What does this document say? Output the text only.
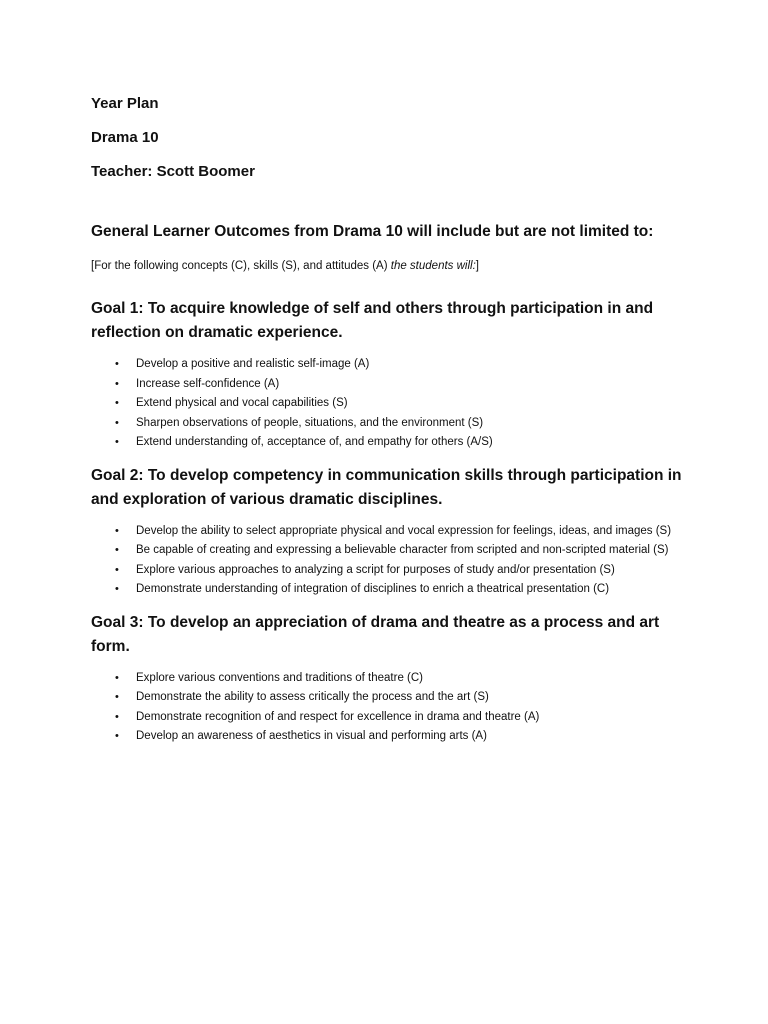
Year Plan

Drama 10

Teacher: Scott Boomer

General Learner Outcomes from Drama 10 will include but are not limited to:

[For the following concepts (C), skills (S), and attitudes (A) the students will:]

Goal 1: To acquire knowledge of self and others through participation in and reflection on dramatic experience.

• Develop a positive and realistic self-image (A)
• Increase self-confidence (A)
• Extend physical and vocal capabilities (S)
• Sharpen observations of people, situations, and the environment (S)
• Extend understanding of, acceptance of, and empathy for others (A/S)

Goal 2: To develop competency in communication skills through participation in and exploration of various dramatic disciplines.

• Develop the ability to select appropriate physical and vocal expression for feelings, ideas, and images (S)
• Be capable of creating and expressing a believable character from scripted and non-scripted material (S)
• Explore various approaches to analyzing a script for purposes of study and/or presentation (S)
• Demonstrate understanding of integration of disciplines to enrich a theatrical presentation (C)

Goal 3: To develop an appreciation of drama and theatre as a process and art form.

• Explore various conventions and traditions of theatre (C)
• Demonstrate the ability to assess critically the process and the art (S)
• Demonstrate recognition of and respect for excellence in drama and theatre (A)
• Develop an awareness of aesthetics in visual and performing arts (A)
